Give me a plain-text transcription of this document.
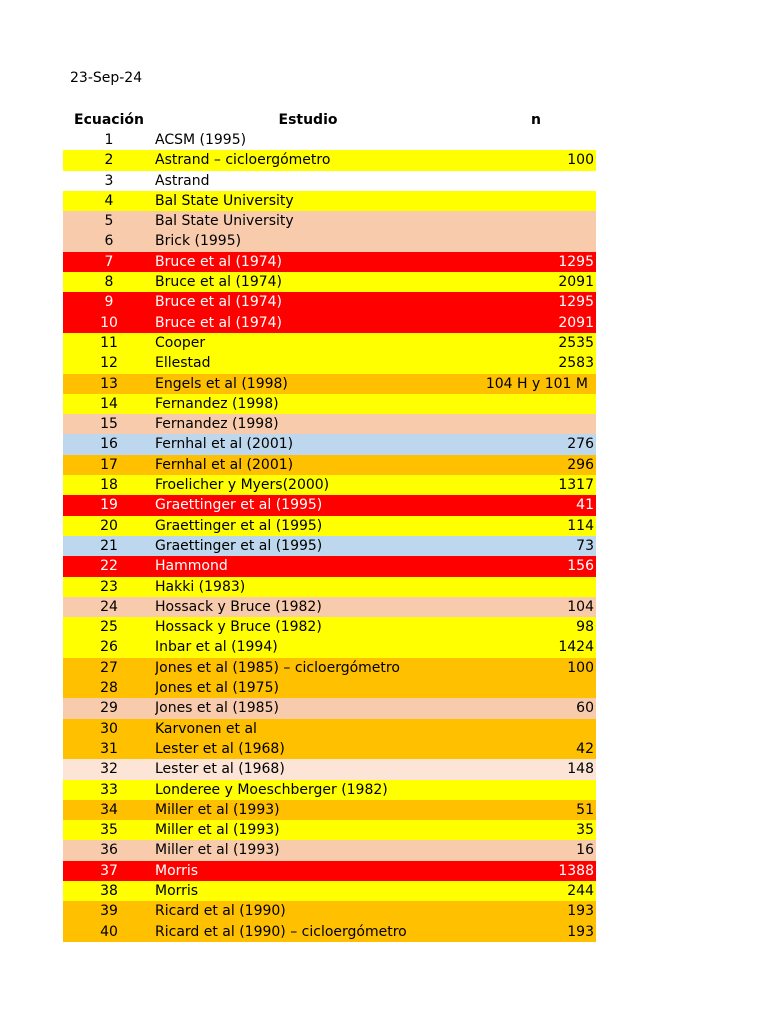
23-Sep-24
Ecuación	Estudio	n
1	ACSM (1995)
2	Astrand – cicloergómetro	100
3	Astrand
4	Bal State University
5	Bal State University
6	Brick (1995)
7	Bruce et al (1974)	1295
8	Bruce et al (1974)	2091
9	Bruce et al (1974)	1295
10	Bruce et al (1974)	2091
11	Cooper	2535
12	Ellestad	2583
13	Engels et al (1998)	104 H y 101 M
14	Fernandez (1998)
15	Fernandez (1998)
16	Fernhal et al (2001)	276
17	Fernhal et al (2001)	296
18	Froelicher y Myers(2000)	1317
19	Graettinger et al (1995)	41
20	Graettinger et al (1995)	114
21	Graettinger et al (1995)	73
22	Hammond	156
23	Hakki (1983)
24	Hossack y Bruce (1982)	104
25	Hossack y Bruce (1982)	98
26	Inbar et al (1994)	1424
27	Jones et al (1985) – cicloergómetro	100
28	Jones et al (1975)
29	Jones et al (1985)	60
30	Karvonen et al
31	Lester et al (1968)	42
32	Lester et al (1968)	148
33	Londeree y Moeschberger (1982)
34	Miller et al (1993)	51
35	Miller et al (1993)	35
36	Miller et al (1993)	16
37	Morris	1388
38	Morris	244
39	Ricard et al (1990)	193
40	Ricard et al (1990) – cicloergómetro	193
